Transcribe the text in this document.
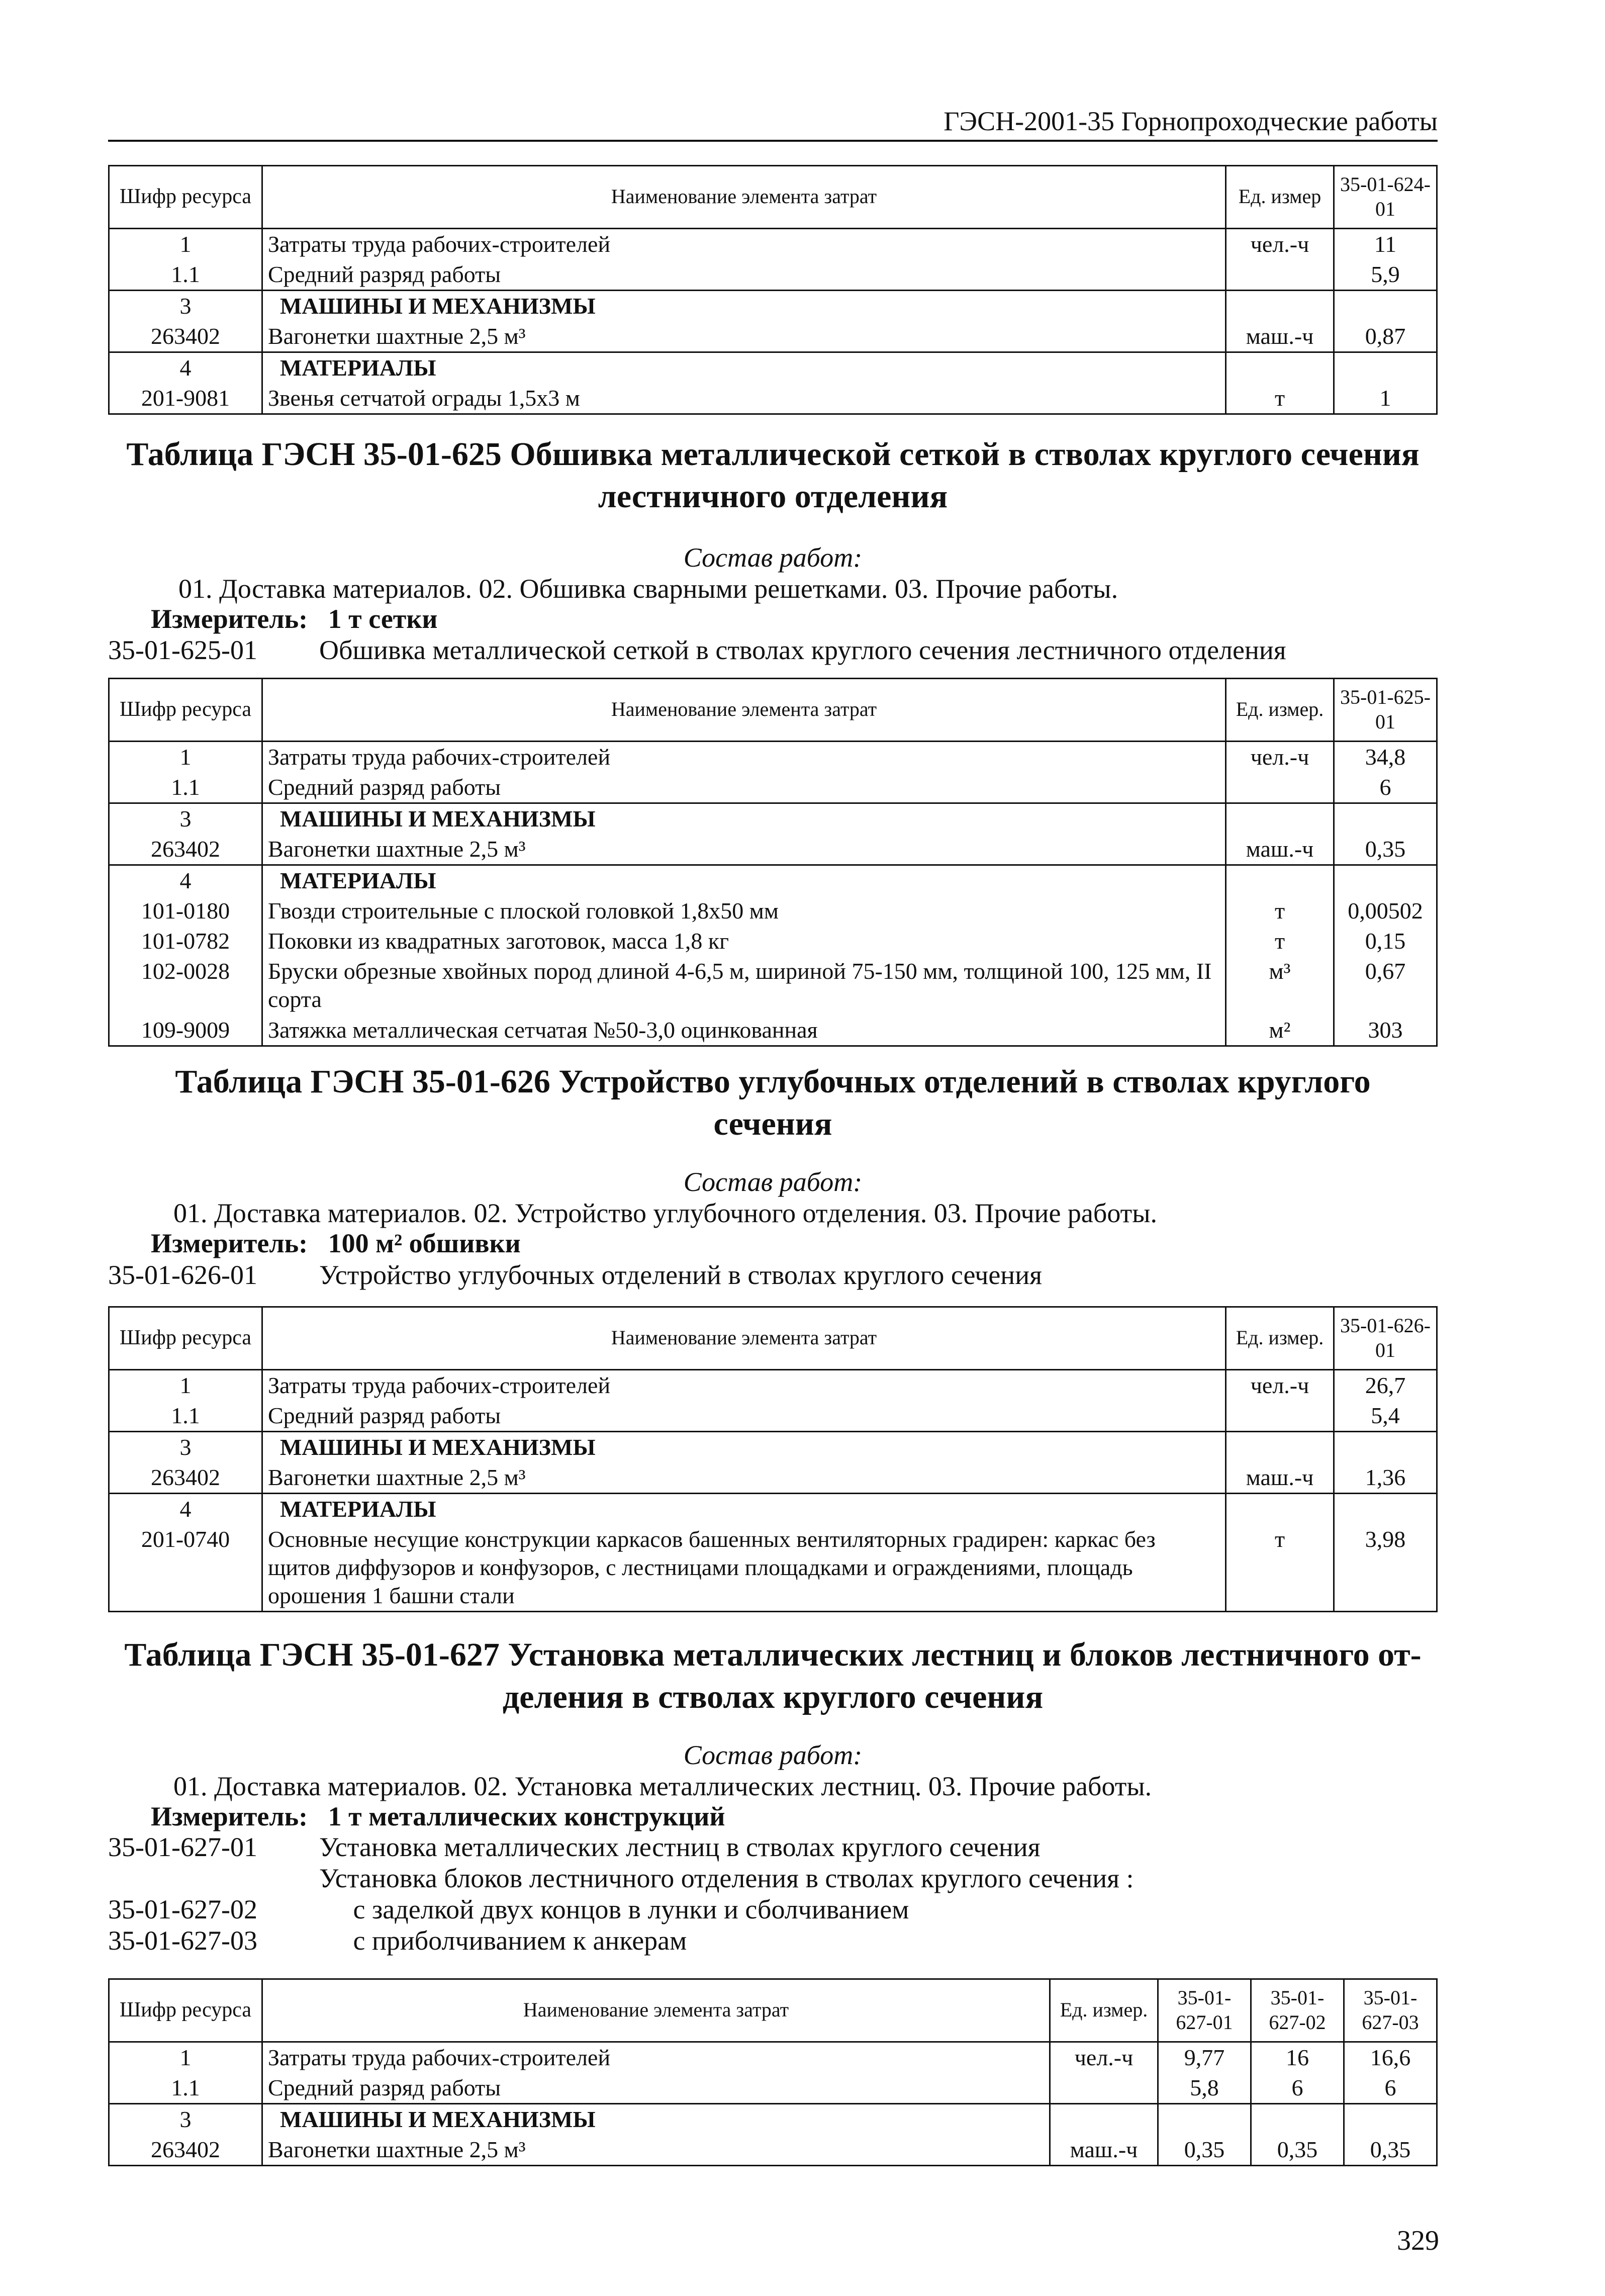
ГЭСН-2001-35 Горнопроходческие работы
Шифр ресурса	Наименование элемента затрат	Ед. измер	35-01-624-01
1	Затраты труда рабочих-строителей	чел.-ч	11
1.1	Средний разряд работы		5,9
3	МАШИНЫ И МЕХАНИЗМЫ		
263402	Вагонетки шахтные 2,5 м³	маш.-ч	0,87
4	МАТЕРИАЛЫ		
201-9081	Звенья сетчатой ограды 1,5х3 м	т	1
Таблица ГЭСН 35-01-625 Обшивка металлической сеткой в стволах круглого сечения
лестничного отделения
Состав работ:
01. Доставка материалов. 02. Обшивка сварными решетками. 03. Прочие работы.
Измеритель: 1 т сетки
35-01-625-01 Обшивка металлической сеткой в стволах круглого сечения лестничного отделения
Шифр ресурса	Наименование элемента затрат	Ед. измер.	35-01-625-01
1	Затраты труда рабочих-строителей	чел.-ч	34,8
1.1	Средний разряд работы		6
3	МАШИНЫ И МЕХАНИЗМЫ		
263402	Вагонетки шахтные 2,5 м³	маш.-ч	0,35
4	МАТЕРИАЛЫ		
101-0180	Гвозди строительные с плоской головкой 1,8х50 мм	т	0,00502
101-0782	Поковки из квадратных заготовок, масса 1,8 кг	т	0,15
102-0028	Бруски обрезные хвойных пород длиной 4-6,5 м, шириной 75-150 мм, толщиной 100, 125 мм, II сорта	м³	0,67
109-9009	Затяжка металлическая сетчатая №50-3,0 оцинкованная	м²	303
Таблица ГЭСН 35-01-626 Устройство углубочных отделений в стволах круглого
сечения
Состав работ:
01. Доставка материалов. 02. Устройство углубочного отделения. 03. Прочие работы.
Измеритель: 100 м² обшивки
35-01-626-01 Устройство углубочных отделений в стволах круглого сечения
Шифр ресурса	Наименование элемента затрат	Ед. измер.	35-01-626-01
1	Затраты труда рабочих-строителей	чел.-ч	26,7
1.1	Средний разряд работы		5,4
3	МАШИНЫ И МЕХАНИЗМЫ		
263402	Вагонетки шахтные 2,5 м³	маш.-ч	1,36
4	МАТЕРИАЛЫ		
201-0740	Основные несущие конструкции каркасов башенных вентиляторных градирен: каркас без щитов диффузоров и конфузоров, с лестницами площадками и ограждениями, площадь орошения 1 башни стали	т	3,98
Таблица ГЭСН 35-01-627 Установка металлических лестниц и блоков лестничного от-
деления в стволах круглого сечения
Состав работ:
01. Доставка материалов. 02. Установка металлических лестниц. 03. Прочие работы.
Измеритель: 1 т металлических конструкций
35-01-627-01 Установка металлических лестниц в стволах круглого сечения
Установка блоков лестничного отделения в стволах круглого сечения :
35-01-627-02	с заделкой двух концов в лунки и сболчиванием
35-01-627-03	с приболчиванием к анкерам
Шифр ресурса	Наименование элемента затрат	Ед. измер.	35-01-627-01	35-01-627-02	35-01-627-03
1	Затраты труда рабочих-строителей	чел.-ч	9,77	16	16,6
1.1	Средний разряд работы		5,8	6	6
3	МАШИНЫ И МЕХАНИЗМЫ				
263402	Вагонетки шахтные 2,5 м³	маш.-ч	0,35	0,35	0,35
329
